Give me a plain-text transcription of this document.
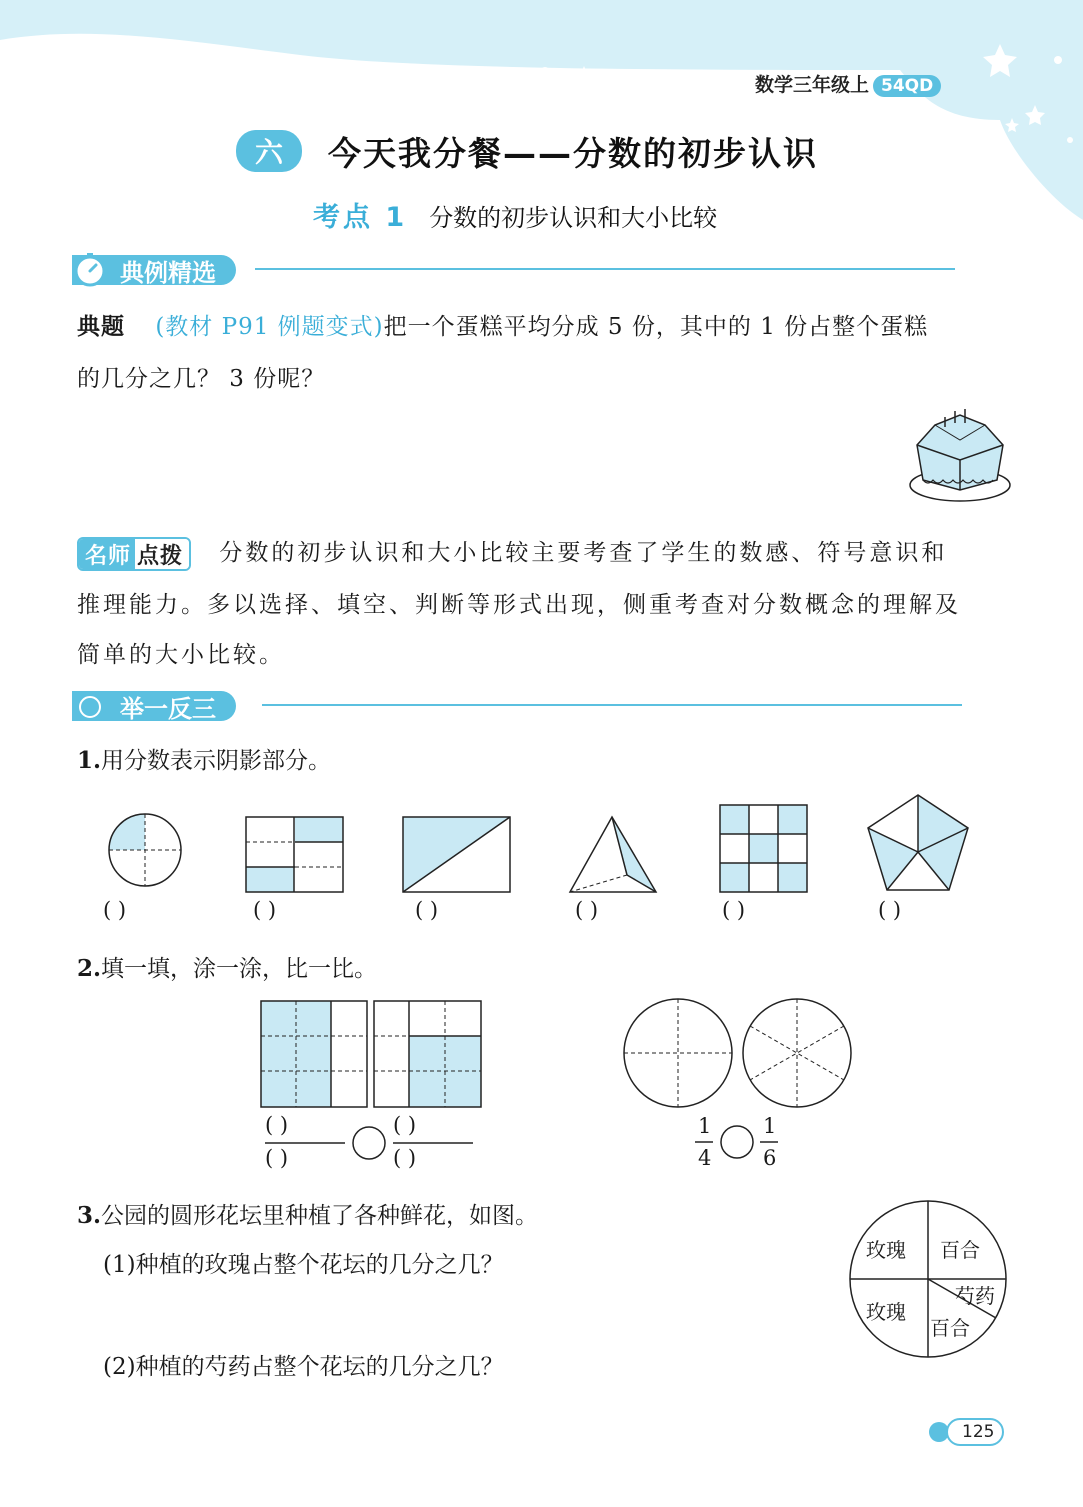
数学三年级上 54QD
六	今天我分餐——分数的初步认识
考点 1 分数的初步认识和大小比较
典例精选
典题 (教材 P91 例题变式)把一个蛋糕平均分成 5 份，其中的 1 份占整个蛋糕
的几分之几？ 3 份呢？
名师 点拨 分数的初步认识和大小比较主要考查了学生的数感、符号意识和
推理能力。多以选择、填空、判断等形式出现，侧重考查对分数概念的理解及
简单的大小比较。
举一反三
1.用分数表示阴影部分。
( )	( )	( )	( )	( )	( )
2.填一填，涂一涂，比一比。
( )
( )
( )
( )
1
4
1
6
3.公园的圆形花坛里种植了各种鲜花，如图。
(1)种植的玫瑰占整个花坛的几分之几？
(2)种植的芍药占整个花坛的几分之几？
玫瑰 百合
芍药
玫瑰
百合
125
